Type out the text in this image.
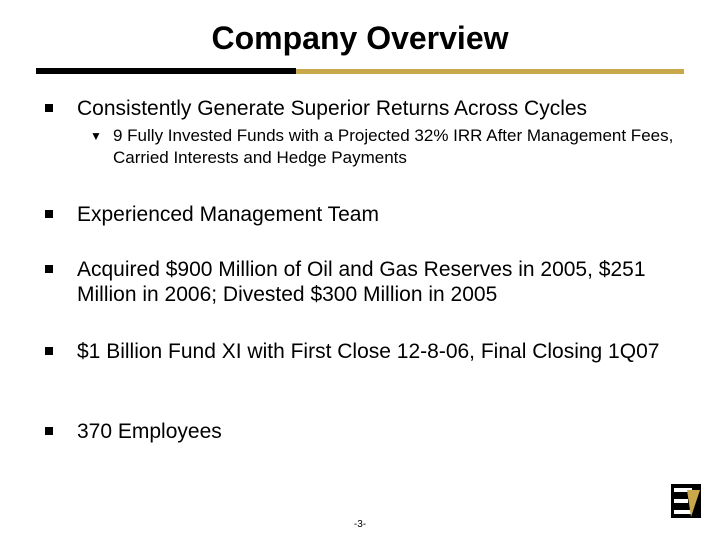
Company Overview
Consistently Generate Superior Returns Across Cycles
▼ 9 Fully Invested Funds with a Projected 32% IRR After Management Fees, Carried Interests and Hedge Payments
Experienced Management Team
Acquired $900 Million of Oil and Gas Reserves in 2005, $251 Million in 2006; Divested $300 Million in 2005
$1 Billion Fund XI with First Close 12-8-06, Final Closing 1Q07
370 Employees
-3-
